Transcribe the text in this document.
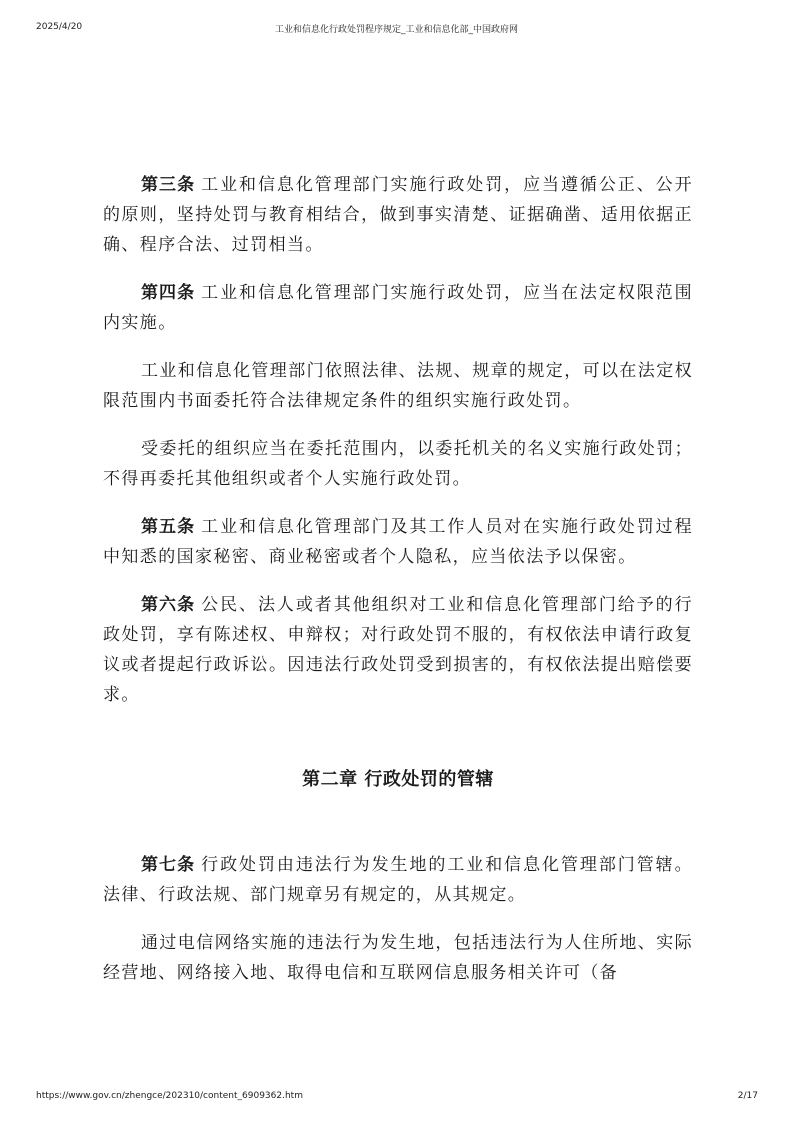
2025/4/20	工业和信息化行政处罚程序规定_工业和信息化部_中国政府网

第三条 工业和信息化管理部门实施行政处罚，应当遵循公正、公开的原则，坚持处罚与教育相结合，做到事实清楚、证据确凿、适用依据正确、程序合法、过罚相当。

第四条 工业和信息化管理部门实施行政处罚，应当在法定权限范围内实施。

工业和信息化管理部门依照法律、法规、规章的规定，可以在法定权限范围内书面委托符合法律规定条件的组织实施行政处罚。

受委托的组织应当在委托范围内，以委托机关的名义实施行政处罚；不得再委托其他组织或者个人实施行政处罚。

第五条 工业和信息化管理部门及其工作人员对在实施行政处罚过程中知悉的国家秘密、商业秘密或者个人隐私，应当依法予以保密。

第六条 公民、法人或者其他组织对工业和信息化管理部门给予的行政处罚，享有陈述权、申辩权；对行政处罚不服的，有权依法申请行政复议或者提起行政诉讼。因违法行政处罚受到损害的，有权依法提出赔偿要求。

第二章 行政处罚的管辖

第七条 行政处罚由违法行为发生地的工业和信息化管理部门管辖。法律、行政法规、部门规章另有规定的，从其规定。

通过电信网络实施的违法行为发生地，包括违法行为人住所地、实际经营地、网络接入地、取得电信和互联网信息服务相关许可（备

https://www.gov.cn/zhengce/202310/content_6909362.htm	2/17
